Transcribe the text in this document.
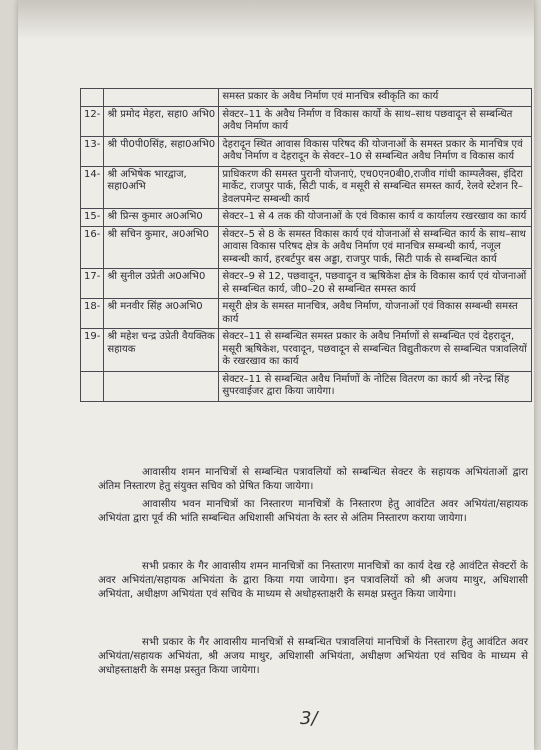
		समस्त प्रकार के अवैध निर्माण एवं मानचित्र स्वीकृति का कार्य
12-	श्री प्रमोद मेहरा, सहा0 अभि0	सेक्टर–11 के अवैध निर्माण व विकास कार्यो के साथ–साथ पछवादून से सम्बन्धित अवैध निर्माण कार्य
13-	श्री पी0पी0सिंह, सहा0अभि0	देहरादून स्थित आवास विकास परिषद की योजनाओं के समस्त प्रकार के मानचित्र एवं अवैध निर्माण व देहरादून के सेक्टर–10 से सम्बन्धित अवैध निर्माण व विकास कार्य
14-	श्री अभिषेक भारद्वाज, सहा0अभि	प्राधिकरण की समस्त पुरानी योजनाएं, एच0एन0बी0,राजीव गांधी काम्पलैक्स, इंदिरा मार्केट, राजपुर पार्क, सिटी पार्क, व मसूरी से सम्बन्धित समस्त कार्य, रेलवे स्टेशन रि–डेवलपमेन्ट सम्बन्धी कार्य
15-	श्री प्रिन्स कुमार अ0अभि0	सेक्टर–1 से 4 तक की योजनाओं के एवं विकास कार्य व कार्यालय रखरखाव का कार्य
16-	श्री सचिन कुमार, अ0अभि0	सेक्टर–5 से 8 के समस्त विकास कार्य एवं योजनाओं से सम्बन्धित कार्य के साथ–साथ आवास विकास परिषद क्षेत्र के अवैध निर्माण एवं मानचित्र सम्बन्धी कार्य, नजूल सम्बन्धी कार्य, हरबर्टपुर बस अड्डा, राजपुर पार्क, सिटी पार्क से सम्बन्धित कार्य
17-	श्री सुनील उप्रेती अ0अभि0	सेक्टर–9 से 12, पछवादून, पछवादून व ऋषिकेश क्षेत्र के विकास कार्य एवं योजनाओं से सम्बन्धित कार्य, जी0–20 से सम्बन्धित समस्त कार्य
18-	श्री मनवीर सिंह अ0अभि0	मसूरी क्षेत्र के समस्त मानचित्र, अवैध निर्माण, योजनाओं एवं विकास सम्बन्धी समस्त कार्य
19-	श्री महेश चन्द्र उप्रेती वैयक्तिक सहायक	सेक्टर–11 से सम्बन्धित समस्त प्रकार के अवैध निर्माणों से सम्बन्धित एवं देहरादून, मसूरी ऋषिकेश, परवादून, पछवादून से सम्बन्धित विद्युतीकरण से सम्बन्धित पत्रावलियों के रखरखाव का कार्य
		सेक्टर–11 से सम्बन्धित अवैध निर्माणों के नोटिस वितरण का कार्य श्री नरेन्द्र सिंह सुपरवाईजर द्वारा किया जायेगा।
आवासीय शमन मानचित्रों से सम्बन्धित पत्रावलियों को सम्बन्धित सेक्टर के सहायक अभियंताओं द्वारा अंतिम निस्तारण हेतु संयुक्त सचिव को प्रेषित किया जायेगा।
आवासीय भवन मानचित्रों का निस्तारण मानचित्रों के निस्तारण हेतु आवंटित अवर अभियंता/सहायक अभियंता द्वारा पूर्व की भांति सम्बन्धित अधिशासी अभियंता के स्तर से अंतिम निस्तारण कराया जायेगा।
सभी प्रकार के गैर आवासीय शमन मानचित्रों का निस्तारण मानचित्रों का कार्य देख रहे आवंटित सेक्टरों के अवर अभियंता/सहायक अभियंता के द्वारा किया गया जायेगा। इन पत्रावलियों को श्री अजय माथुर, अधिशासी अभियंता, अधीक्षण अभियंता एवं सचिव के माध्यम से अधोहस्ताक्षरी के समक्ष प्रस्तुत किया जायेगा।
सभी प्रकार के गैर आवासीय मानचित्रों से सम्बन्धित पत्रावलियां मानचित्रों के निस्तारण हेतु आवंटित अवर अभियंता/सहायक अभियंता, श्री अजय माथुर, अधिशासी अभियंता, अधीक्षण अभियंता एवं सचिव के माध्यम से अधोहस्ताक्षरी के समक्ष प्रस्तुत किया जायेगा।
3/
